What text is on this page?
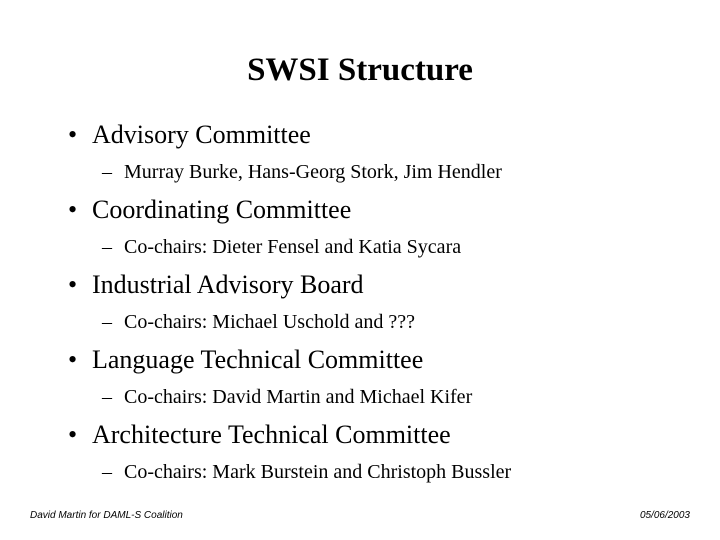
SWSI Structure
• Advisory Committee
– Murray Burke, Hans-Georg Stork, Jim Hendler
• Coordinating Committee
– Co-chairs: Dieter Fensel and Katia Sycara
• Industrial Advisory Board
– Co-chairs: Michael Uschold and ???
• Language Technical Committee
– Co-chairs: David Martin and Michael Kifer
• Architecture Technical Committee
– Co-chairs: Mark Burstein and Christoph Bussler
David Martin for DAML-S Coalition	05/06/2003
